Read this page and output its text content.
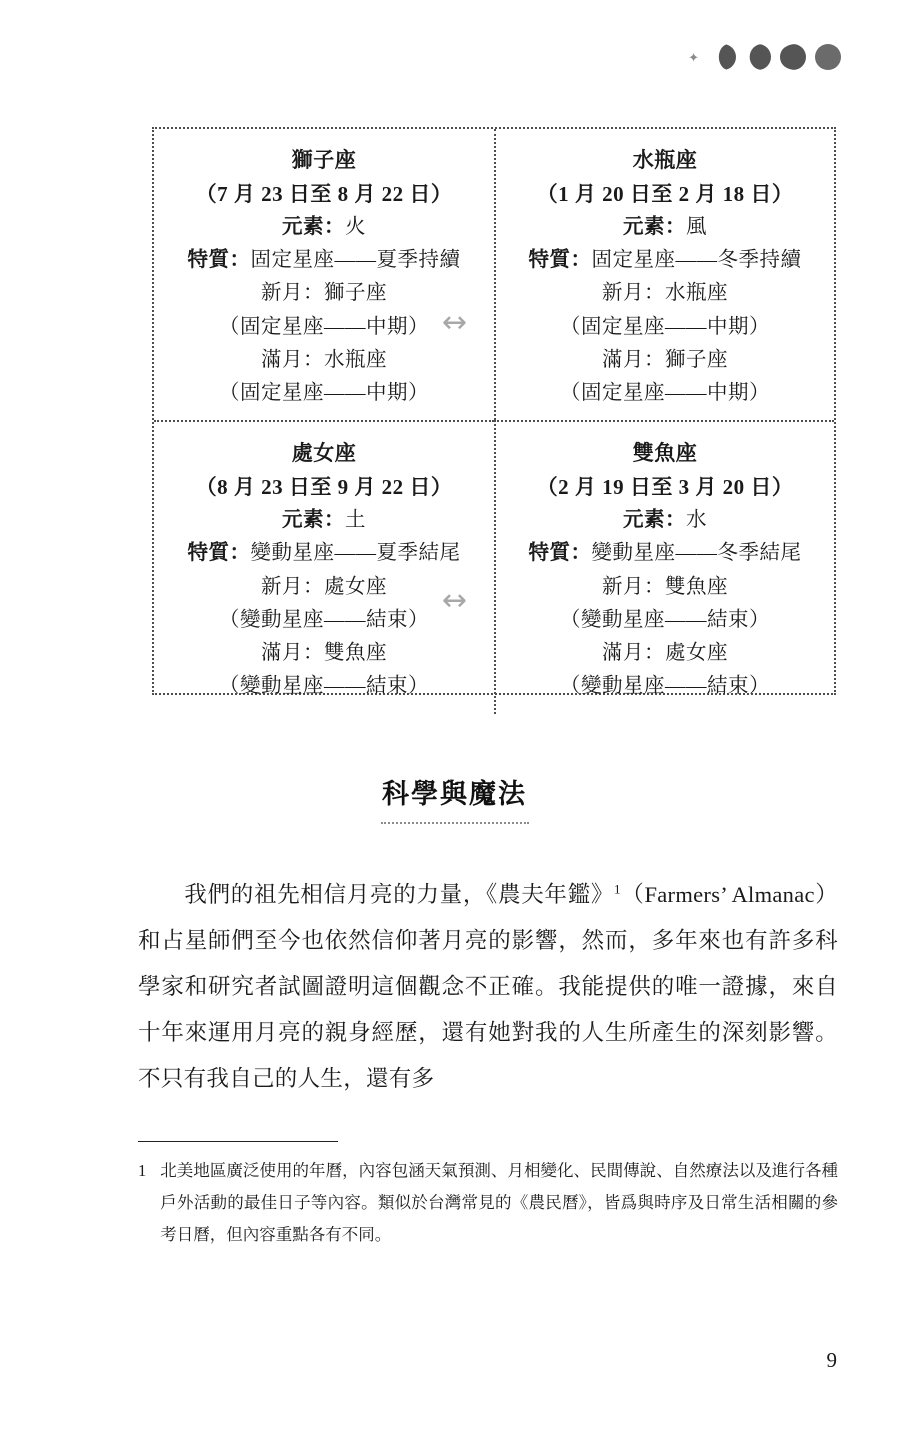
✦
獅子座
（7 月 23 日至 8 月 22 日）
元素：火
特質：固定星座——夏季持續
新月：獅子座
（固定星座——中期）
滿月：水瓶座
（固定星座——中期）
水瓶座
（1 月 20 日至 2 月 18 日）
元素：風
特質：固定星座——冬季持續
新月：水瓶座
（固定星座——中期）
滿月：獅子座
（固定星座——中期）
處女座
（8 月 23 日至 9 月 22 日）
元素：土
特質：變動星座——夏季結尾
新月：處女座
（變動星座——結束）
滿月：雙魚座
（變動星座——結束）
雙魚座
（2 月 19 日至 3 月 20 日）
元素：水
特質：變動星座——冬季結尾
新月：雙魚座
（變動星座——結束）
滿月：處女座
（變動星座——結束）
↔
↔
科學與魔法
我們的祖先相信月亮的力量，《農夫年鑑》$^1$（Farmers’ Almanac）和占星師們至今也依然信仰著月亮的影響，然而，多年來也有許多科學家和研究者試圖證明這個觀念不正確。我能提供的唯一證據，來自十年來運用月亮的親身經歷，還有她對我的人生所產生的深刻影響。不只有我自己的人生，還有多
1 北美地區廣泛使用的年曆，內容包涵天氣預測、月相變化、民間傳說、自然療法以及進行各種戶外活動的最佳日子等內容。類似於台灣常見的《農民曆》，皆爲與時序及日常生活相關的參考日曆，但內容重點各有不同。
9
